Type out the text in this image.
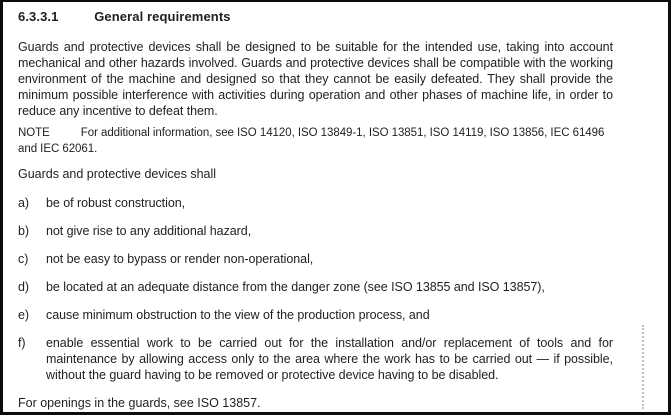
6.3.3.1	General requirements

Guards and protective devices shall be designed to be suitable for the intended use, taking into account mechanical and other hazards involved. Guards and protective devices shall be compatible with the working environment of the machine and designed so that they cannot be easily defeated. They shall provide the minimum possible interference with activities during operation and other phases of machine life, in order to reduce any incentive to defeat them.

NOTE	For additional information, see ISO 14120, ISO 13849-1, ISO 13851, ISO 14119, ISO 13856, IEC 61496 and IEC 62061.

Guards and protective devices shall

a)	be of robust construction,
b)	not give rise to any additional hazard,
c)	not be easy to bypass or render non-operational,
d)	be located at an adequate distance from the danger zone (see ISO 13855 and ISO 13857),
e)	cause minimum obstruction to the view of the production process, and
f)	enable essential work to be carried out for the installation and/or replacement of tools and for maintenance by allowing access only to the area where the work has to be carried out — if possible, without the guard having to be removed or protective device having to be disabled.

For openings in the guards, see ISO 13857.
